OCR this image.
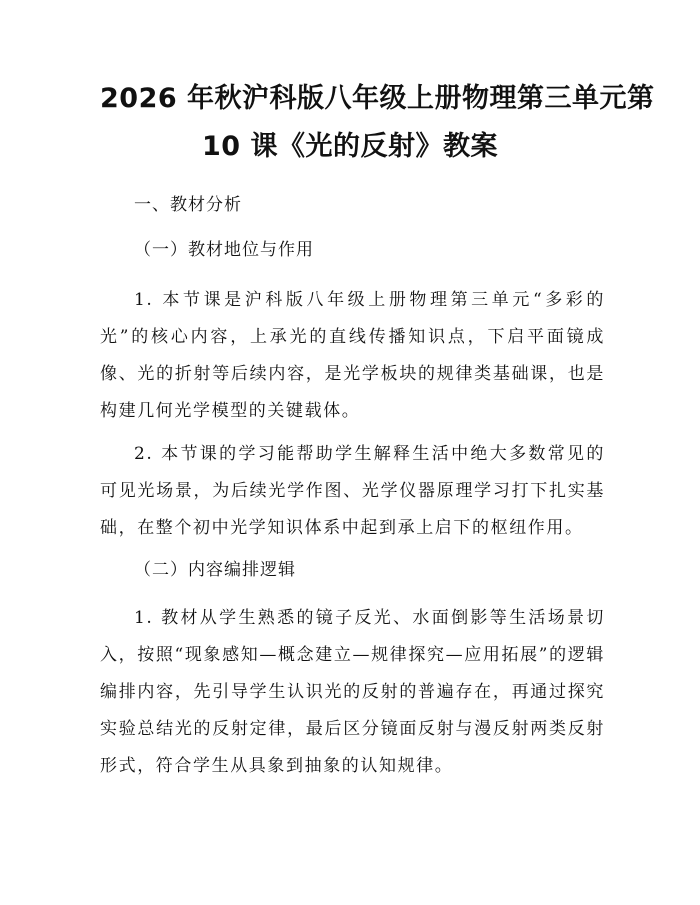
2026 年秋沪科版八年级上册物理第三单元第
10 课《光的反射》教案
一、教材分析
（一）教材地位与作用
1. 本节课是沪科版八年级上册物理第三单元“多彩的光”的核心内容，上承光的直线传播知识点，下启平面镜成像、光的折射等后续内容，是光学板块的规律类基础课，也是构建几何光学模型的关键载体。
2. 本节课的学习能帮助学生解释生活中绝大多数常见的可见光场景，为后续光学作图、光学仪器原理学习打下扎实基础，在整个初中光学知识体系中起到承上启下的枢纽作用。
（二）内容编排逻辑
1. 教材从学生熟悉的镜子反光、水面倒影等生活场景切入，按照“现象感知—概念建立—规律探究—应用拓展”的逻辑编排内容，先引导学生认识光的反射的普遍存在，再通过探究实验总结光的反射定律，最后区分镜面反射与漫反射两类反射形式，符合学生从具象到抽象的认知规律。
